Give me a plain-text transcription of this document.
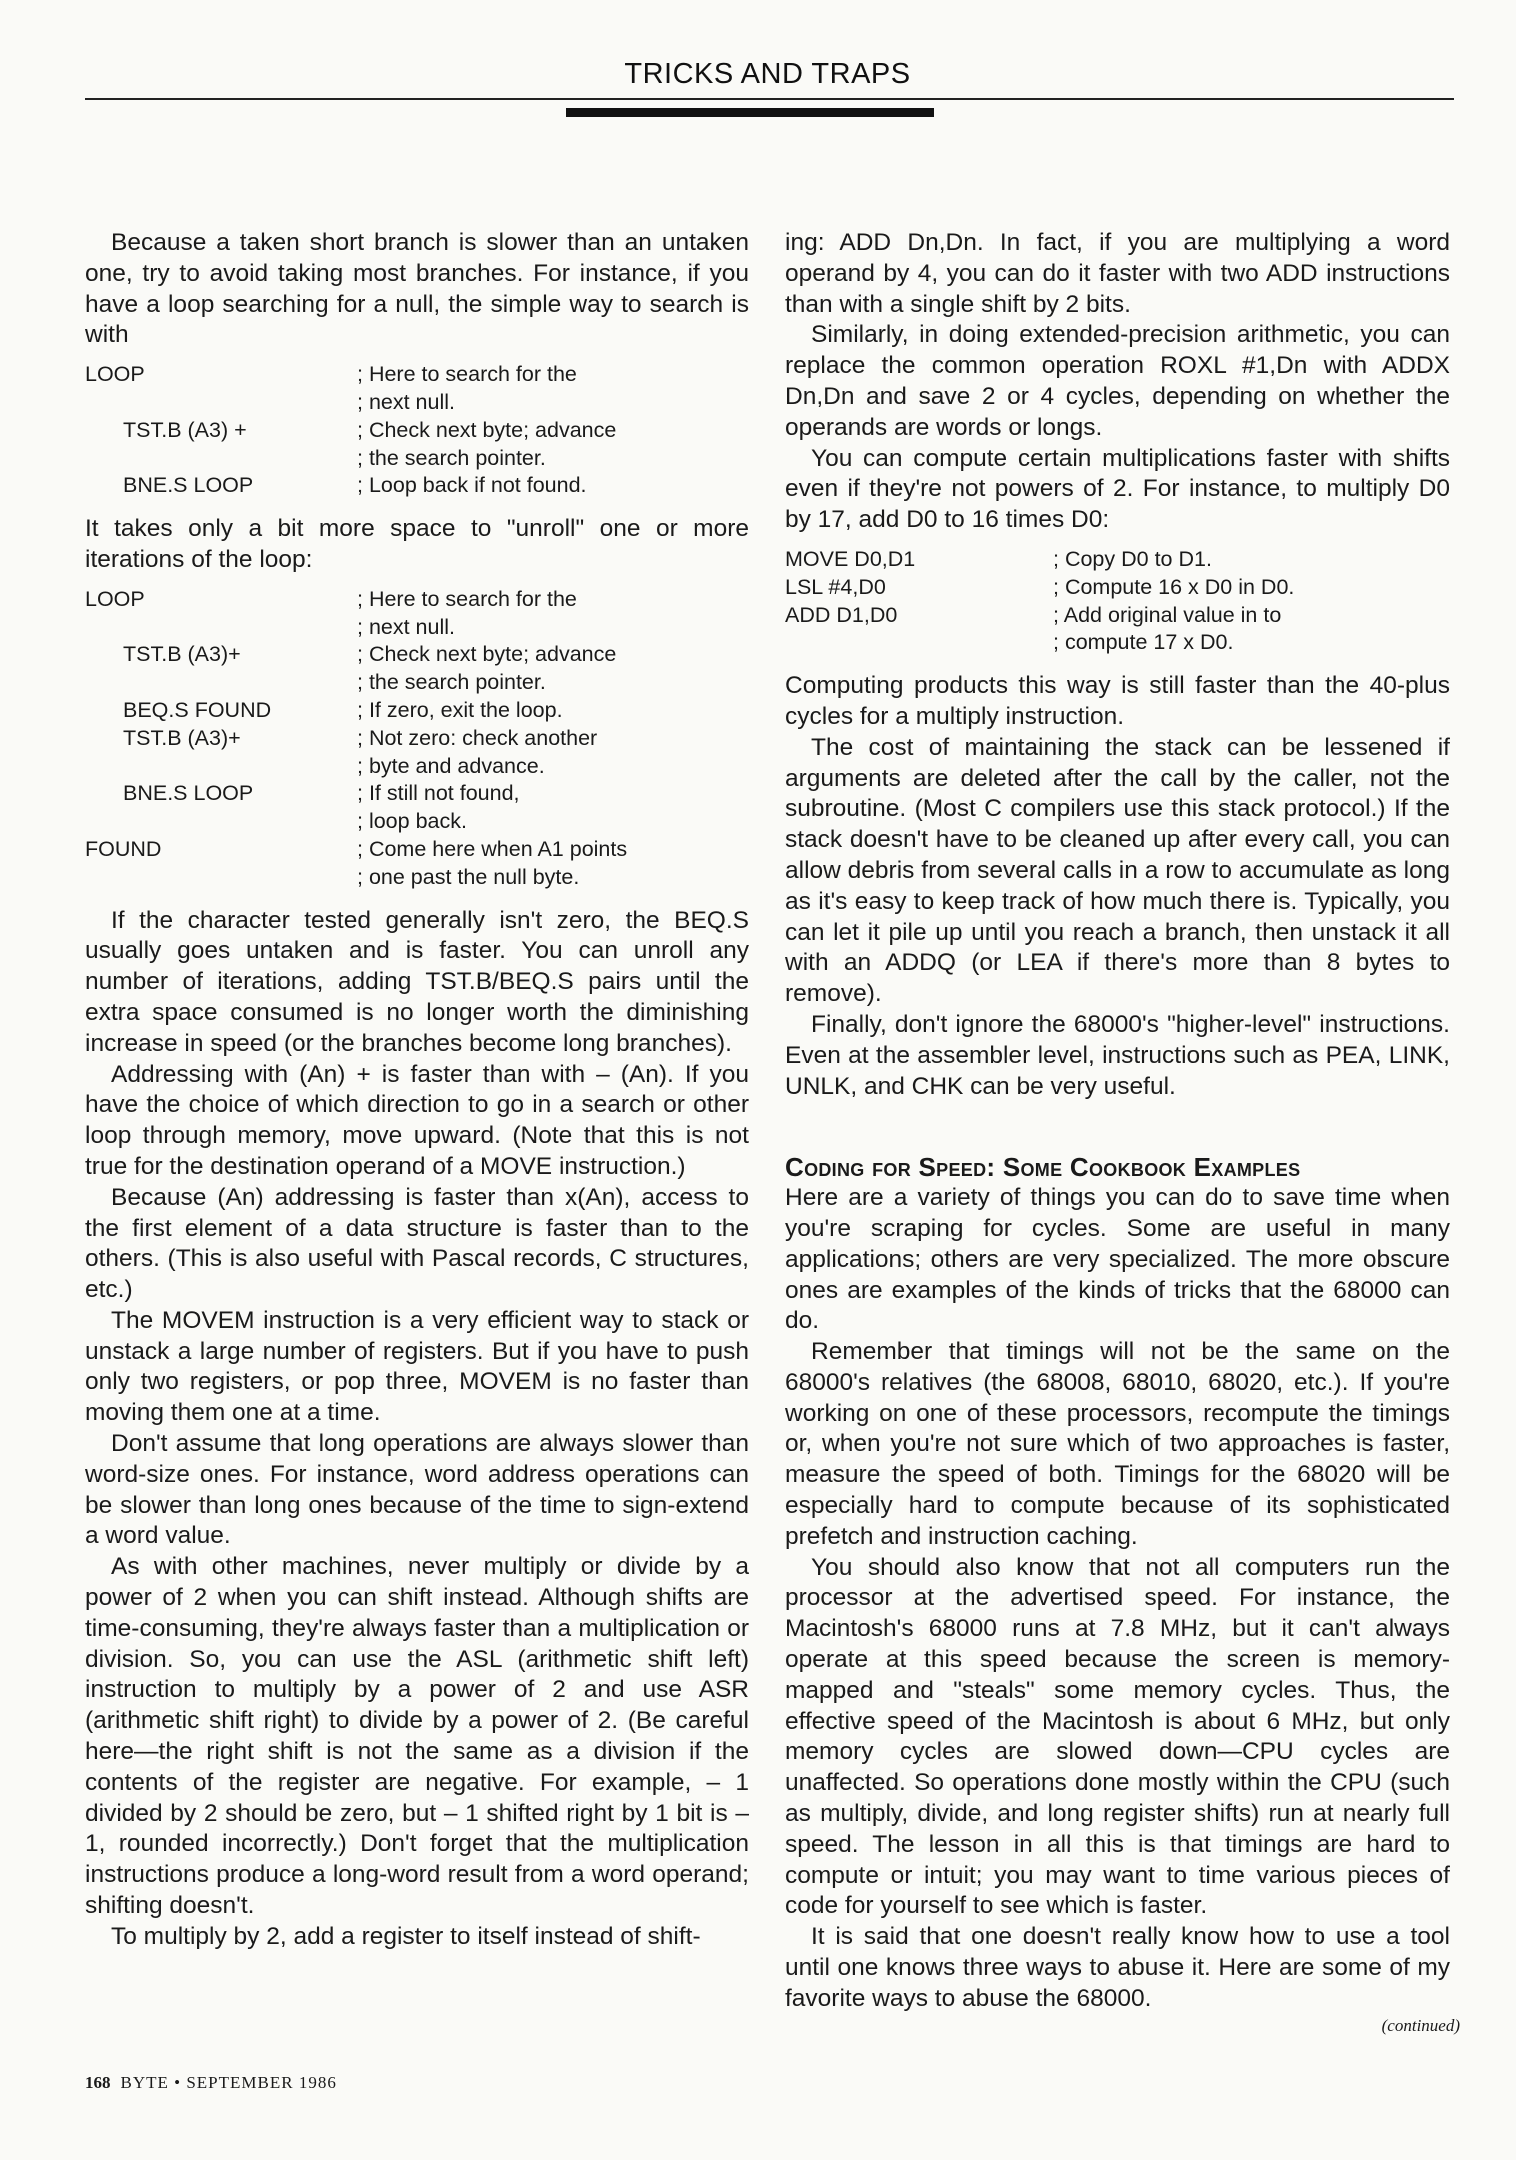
TRICKS AND TRAPS

Because a taken short branch is slower than an untaken one, try to avoid taking most branches. For instance, if you have a loop searching for a null, the simple way to search is with

LOOP	; Here to search for the
; next null.
TST.B (A3) +	; Check next byte; advance
; the search pointer.
BNE.S LOOP	; Loop back if not found.

It takes only a bit more space to "unroll" one or more iterations of the loop:

LOOP	; Here to search for the
; next null.
TST.B (A3)+	; Check next byte; advance
; the search pointer.
BEQ.S FOUND	; If zero, exit the loop.
TST.B (A3)+	; Not zero: check another
; byte and advance.
BNE.S LOOP	; If still not found,
; loop back.
FOUND	; Come here when A1 points
; one past the null byte.

If the character tested generally isn't zero, the BEQ.S usually goes untaken and is faster. You can unroll any number of iterations, adding TST.B/BEQ.S pairs until the extra space consumed is no longer worth the diminishing increase in speed (or the branches become long branches).

Addressing with (An) + is faster than with – (An). If you have the choice of which direction to go in a search or other loop through memory, move upward. (Note that this is not true for the destination operand of a MOVE instruction.)

Because (An) addressing is faster than x(An), access to the first element of a data structure is faster than to the others. (This is also useful with Pascal records, C structures, etc.)

The MOVEM instruction is a very efficient way to stack or unstack a large number of registers. But if you have to push only two registers, or pop three, MOVEM is no faster than moving them one at a time.

Don't assume that long operations are always slower than word-size ones. For instance, word address operations can be slower than long ones because of the time to sign-extend a word value.

As with other machines, never multiply or divide by a power of 2 when you can shift instead. Although shifts are time-consuming, they're always faster than a multiplication or division. So, you can use the ASL (arithmetic shift left) instruction to multiply by a power of 2 and use ASR (arithmetic shift right) to divide by a power of 2. (Be careful here—the right shift is not the same as a division if the contents of the register are negative. For example, – 1 divided by 2 should be zero, but – 1 shifted right by 1 bit is – 1, rounded incorrectly.) Don't forget that the multiplication instructions produce a long-word result from a word operand; shifting doesn't.

To multiply by 2, add a register to itself instead of shift-

ing: ADD Dn,Dn. In fact, if you are multiplying a word operand by 4, you can do it faster with two ADD instructions than with a single shift by 2 bits.

Similarly, in doing extended-precision arithmetic, you can replace the common operation ROXL #1,Dn with ADDX Dn,Dn and save 2 or 4 cycles, depending on whether the operands are words or longs.

You can compute certain multiplications faster with shifts even if they're not powers of 2. For instance, to multiply D0 by 17, add D0 to 16 times D0:

MOVE D0,D1	; Copy D0 to D1.
LSL #4,D0	; Compute 16 x D0 in D0.
ADD D1,D0	; Add original value in to
; compute 17 x D0.

Computing products this way is still faster than the 40-plus cycles for a multiply instruction.

The cost of maintaining the stack can be lessened if arguments are deleted after the call by the caller, not the subroutine. (Most C compilers use this stack protocol.) If the stack doesn't have to be cleaned up after every call, you can allow debris from several calls in a row to accumulate as long as it's easy to keep track of how much there is. Typically, you can let it pile up until you reach a branch, then unstack it all with an ADDQ (or LEA if there's more than 8 bytes to remove).

Finally, don't ignore the 68000's "higher-level" instructions. Even at the assembler level, instructions such as PEA, LINK, UNLK, and CHK can be very useful.

Coding for Speed: Some Cookbook Examples

Here are a variety of things you can do to save time when you're scraping for cycles. Some are useful in many applications; others are very specialized. The more obscure ones are examples of the kinds of tricks that the 68000 can do.

Remember that timings will not be the same on the 68000's relatives (the 68008, 68010, 68020, etc.). If you're working on one of these processors, recompute the timings or, when you're not sure which of two approaches is faster, measure the speed of both. Timings for the 68020 will be especially hard to compute because of its sophisticated prefetch and instruction caching.

You should also know that not all computers run the processor at the advertised speed. For instance, the Macintosh's 68000 runs at 7.8 MHz, but it can't always operate at this speed because the screen is memory-mapped and "steals" some memory cycles. Thus, the effective speed of the Macintosh is about 6 MHz, but only memory cycles are slowed down—CPU cycles are unaffected. So operations done mostly within the CPU (such as multiply, divide, and long register shifts) run at nearly full speed. The lesson in all this is that timings are hard to compute or intuit; you may want to time various pieces of code for yourself to see which is faster.

It is said that one doesn't really know how to use a tool until one knows three ways to abuse it. Here are some of my favorite ways to abuse the 68000.

(continued)
168 BYTE • SEPTEMBER 1986
